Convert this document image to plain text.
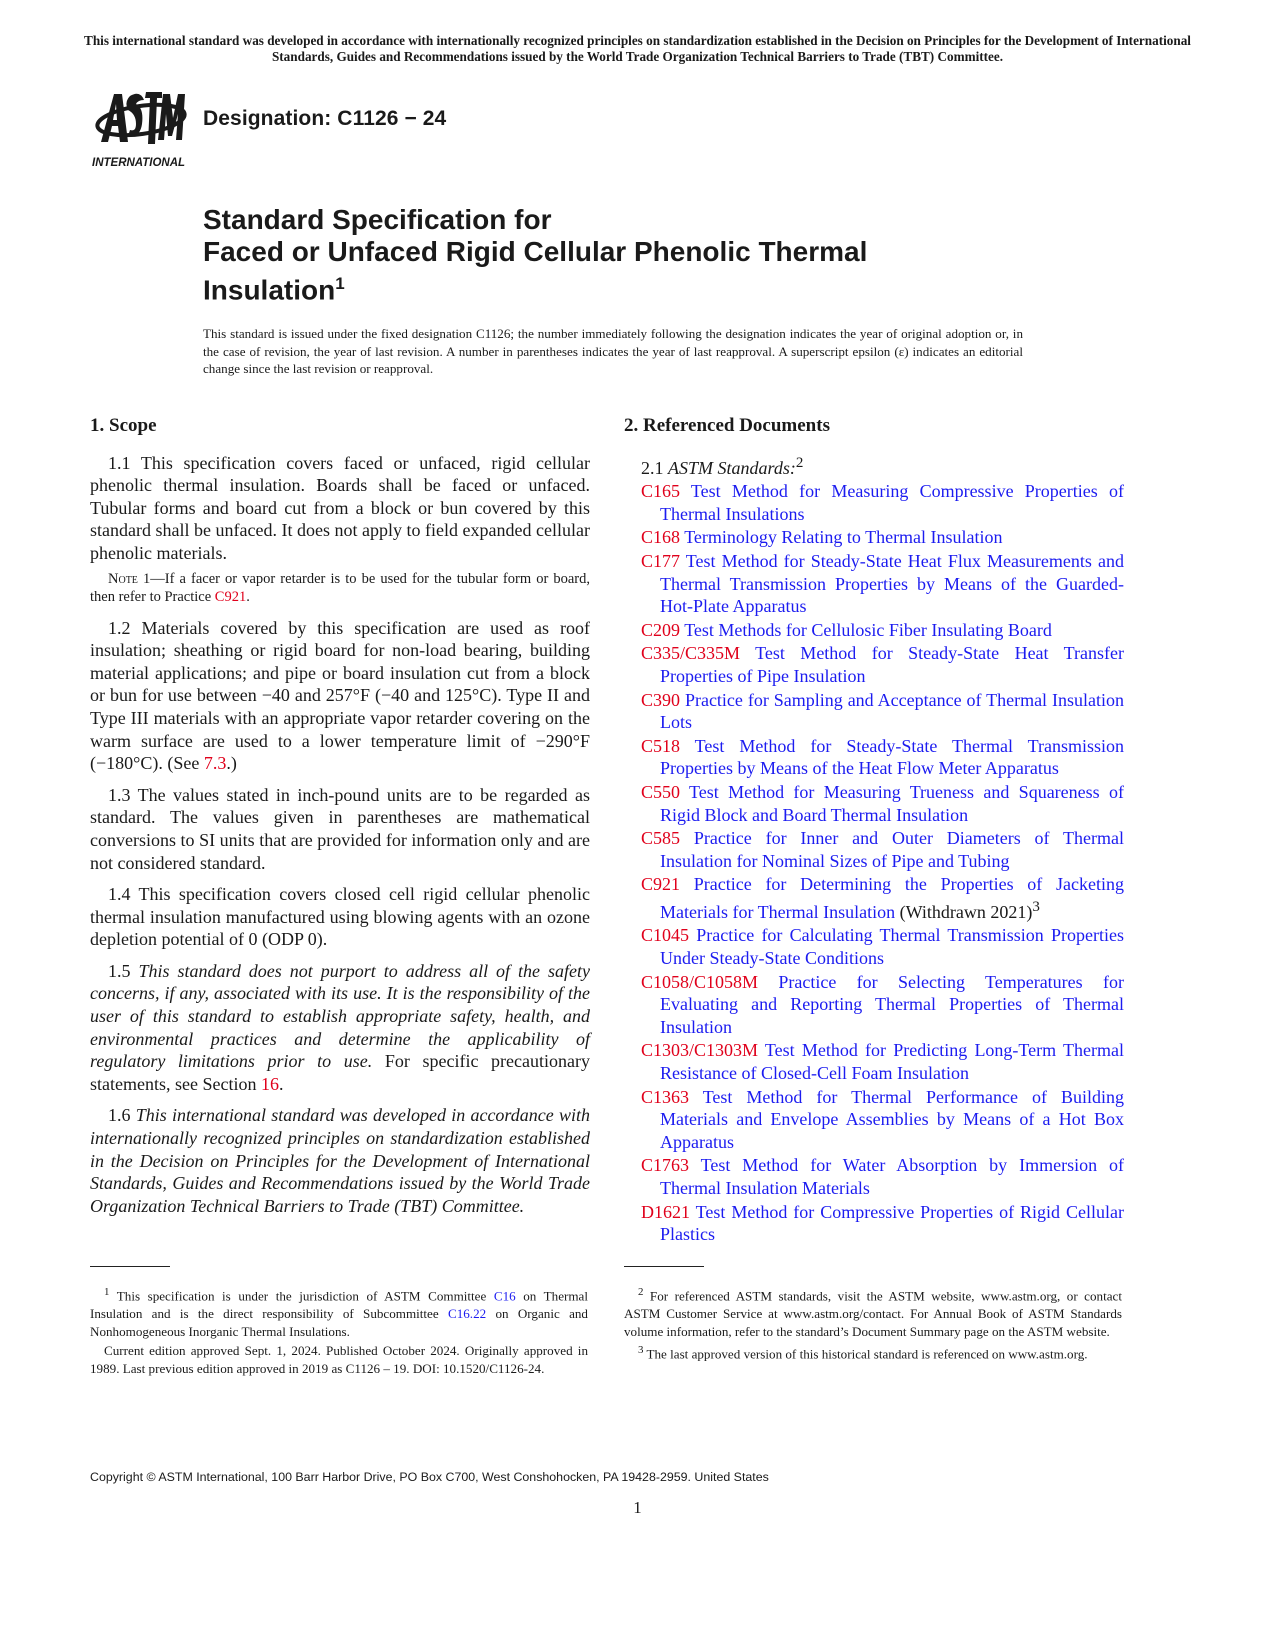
This international standard was developed in accordance with internationally recognized principles on standardization established in the Decision on Principles for the Development of International Standards, Guides and Recommendations issued by the World Trade Organization Technical Barriers to Trade (TBT) Committee.
INTERNATIONAL
Designation: C1126 − 24
Standard Specification for
Faced or Unfaced Rigid Cellular Phenolic Thermal
Insulation$^1$
This standard is issued under the fixed designation C1126; the number immediately following the designation indicates the year of original adoption or, in the case of revision, the year of last revision. A number in parentheses indicates the year of last reapproval. A superscript epsilon (ε) indicates an editorial change since the last revision or reapproval.
1. Scope

1.1 This specification covers faced or unfaced, rigid cellular phenolic thermal insulation. Boards shall be faced or unfaced. Tubular forms and board cut from a block or bun covered by this standard shall be unfaced. It does not apply to field expanded cellular phenolic materials.

Note 1—If a facer or vapor retarder is to be used for the tubular form or board, then refer to Practice C921.

1.2 Materials covered by this specification are used as roof insulation; sheathing or rigid board for non-load bearing, building material applications; and pipe or board insulation cut from a block or bun for use between −40 and 257°F (−40 and 125°C). Type II and Type III materials with an appropriate vapor retarder covering on the warm surface are used to a lower temperature limit of −290°F (−180°C). (See 7.3.)

1.3 The values stated in inch-pound units are to be regarded as standard. The values given in parentheses are mathematical conversions to SI units that are provided for information only and are not considered standard.

1.4 This specification covers closed cell rigid cellular phenolic thermal insulation manufactured using blowing agents with an ozone depletion potential of 0 (ODP 0).

1.5 This standard does not purport to address all of the safety concerns, if any, associated with its use. It is the responsibility of the user of this standard to establish appropriate safety, health, and environmental practices and determine the applicability of regulatory limitations prior to use. For specific precautionary statements, see Section 16.

1.6 This international standard was developed in accordance with internationally recognized principles on standardization established in the Decision on Principles for the Development of International Standards, Guides and Recommendations issued by the World Trade Organization Technical Barriers to Trade (TBT) Committee.

2. Referenced Documents

2.1 ASTM Standards:$^2$

C165 Test Method for Measuring Compressive Properties of Thermal Insulations

C168 Terminology Relating to Thermal Insulation

C177 Test Method for Steady-State Heat Flux Measurements and Thermal Transmission Properties by Means of the Guarded-Hot-Plate Apparatus

C209 Test Methods for Cellulosic Fiber Insulating Board

C335/C335M Test Method for Steady-State Heat Transfer Properties of Pipe Insulation

C390 Practice for Sampling and Acceptance of Thermal Insulation Lots

C518 Test Method for Steady-State Thermal Transmission Properties by Means of the Heat Flow Meter Apparatus

C550 Test Method for Measuring Trueness and Squareness of Rigid Block and Board Thermal Insulation

C585 Practice for Inner and Outer Diameters of Thermal Insulation for Nominal Sizes of Pipe and Tubing

C921 Practice for Determining the Properties of Jacketing Materials for Thermal Insulation (Withdrawn 2021)$^3$

C1045 Practice for Calculating Thermal Transmission Properties Under Steady-State Conditions

C1058/C1058M Practice for Selecting Temperatures for Evaluating and Reporting Thermal Properties of Thermal Insulation

C1303/C1303M Test Method for Predicting Long-Term Thermal Resistance of Closed-Cell Foam Insulation

C1363 Test Method for Thermal Performance of Building Materials and Envelope Assemblies by Means of a Hot Box Apparatus

C1763 Test Method for Water Absorption by Immersion of Thermal Insulation Materials

D1621 Test Method for Compressive Properties of Rigid Cellular Plastics

$^1$ This specification is under the jurisdiction of ASTM Committee C16 on Thermal Insulation and is the direct responsibility of Subcommittee C16.22 on Organic and Nonhomogeneous Inorganic Thermal Insulations.

Current edition approved Sept. 1, 2024. Published October 2024. Originally approved in 1989. Last previous edition approved in 2019 as C1126 – 19. DOI: 10.1520/C1126-24.

$^2$ For referenced ASTM standards, visit the ASTM website, www.astm.org, or contact ASTM Customer Service at www.astm.org/contact. For Annual Book of ASTM Standards volume information, refer to the standard’s Document Summary page on the ASTM website.

$^3$ The last approved version of this historical standard is referenced on www.astm.org.

Copyright © ASTM International, 100 Barr Harbor Drive, PO Box C700, West Conshohocken, PA 19428-2959. United States
1
